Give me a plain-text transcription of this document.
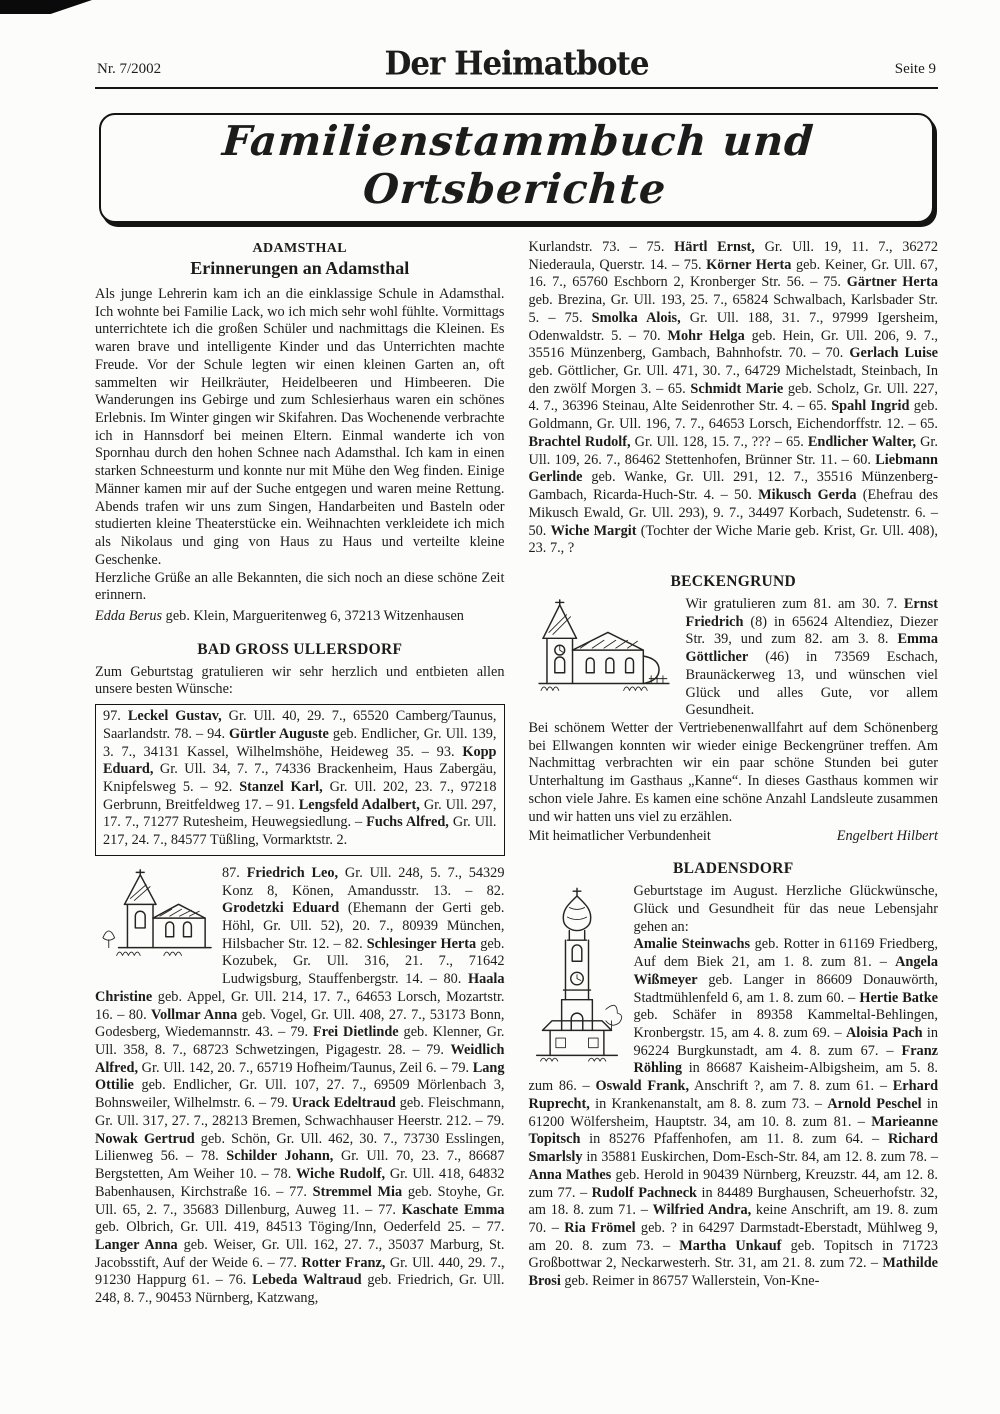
Nr. 7/2002	Der Heimatbote	Seite 9
Familienstammbuch und Ortsberichte
ADAMSTHAL
Erinnerungen an Adamsthal

Als junge Lehrerin kam ich an die einklassige Schule in Adamsthal. Ich wohnte bei Familie Lack, wo ich mich sehr wohl fühlte. Vormittags unterrichtete ich die großen Schüler und nachmittags die Kleinen. Es waren brave und intelligente Kinder und das Unterrichten machte Freude. Vor der Schule legten wir einen kleinen Garten an, oft sammelten wir Heilkräuter, Heidelbeeren und Himbeeren. Die Wanderungen ins Gebirge und zum Schlesierhaus waren ein schönes Erlebnis. Im Winter gingen wir Skifahren. Das Wochenende verbrachte ich in Hannsdorf bei meinen Eltern. Einmal wanderte ich von Spornhau durch den hohen Schnee nach Adamsthal. Ich kam in einen starken Schneesturm und konnte nur mit Mühe den Weg finden. Einige Männer kamen mir auf der Suche entgegen und waren meine Rettung. Abends trafen wir uns zum Singen, Handarbeiten und Basteln oder studierten kleine Theaterstücke ein. Weihnachten verkleidete ich mich als Nikolaus und ging von Haus zu Haus und verteilte kleine Geschenke.

Herzliche Grüße an alle Bekannten, die sich noch an diese schöne Zeit erinnern.

Edda Berus geb. Klein, Margueritenweg 6, 37213 Witzenhausen

BAD GROSS ULLERSDORF

Zum Geburtstag gratulieren wir sehr herzlich und entbieten allen unsere besten Wünsche:

97. Leckel Gustav, Gr. Ull. 40, 29. 7., 65520 Camberg/Taunus, Saarlandstr. 78. – 94. Gürtler Auguste geb. Endlicher, Gr. Ull. 139, 3. 7., 34131 Kassel, Wilhelmshöhe, Heideweg 35. – 93. Kopp Eduard, Gr. Ull. 34, 7. 7., 74336 Brackenheim, Haus Zabergäu, Knipfelsweg 5. – 92. Stanzel Karl, Gr. Ull. 202, 23. 7., 97218 Gerbrunn, Breitfeldweg 17. – 91. Lengsfeld Adalbert, Gr. Ull. 297, 17. 7., 71277 Rutesheim, Heuwegsiedlung. – Fuchs Alfred, Gr. Ull. 217, 24. 7., 84577 Tüßling, Vormarktstr. 2.

87. Friedrich Leo, Gr. Ull. 248, 5. 7., 54329 Konz 8, Könen, Amandusstr. 13. – 82. Grodetzki Eduard (Ehemann der Gerti geb. Höhl, Gr. Ull. 52), 20. 7., 80939 München, Hilsbacher Str. 12. – 82. Schlesinger Herta geb. Kozubek, Gr. Ull. 316, 21. 7., 71642 Ludwigsburg, Stauffenbergstr. 14. – 80. Haala Christine geb. Appel, Gr. Ull. 214, 17. 7., 64653 Lorsch, Mozartstr. 16. – 80. Vollmar Anna geb. Vogel, Gr. Ull. 408, 27. 7., 53173 Bonn, Godesberg, Wiedemannstr. 43. – 79. Frei Dietlinde geb. Klenner, Gr. Ull. 358, 8. 7., 68723 Schwetzingen, Pigagestr. 28. – 79. Weidlich Alfred, Gr. Ull. 142, 20. 7., 65719 Hofheim/Taunus, Zeil 6. – 79. Lang Ottilie geb. Endlicher, Gr. Ull. 107, 27. 7., 69509 Mörlenbach 3, Bohnsweiler, Wilhelmstr. 6. – 79. Urack Edeltraud geb. Fleischmann, Gr. Ull. 317, 27. 7., 28213 Bremen, Schwachhauser Heerstr. 212. – 79. Nowak Gertrud geb. Schön, Gr. Ull. 462, 30. 7., 73730 Esslingen, Lilienweg 56. – 78. Schilder Johann, Gr. Ull. 70, 23. 7., 86687 Bergstetten, Am Weiher 10. – 78. Wiche Rudolf, Gr. Ull. 418, 64832 Babenhausen, Kirchstraße 16. – 77. Stremmel Mia geb. Stoyhe, Gr. Ull. 65, 2. 7., 35683 Dillenburg, Auweg 11. – 77. Kaschate Emma geb. Olbrich, Gr. Ull. 419, 84513 Töging/Inn, Oederfeld 25. – 77. Langer Anna geb. Weiser, Gr. Ull. 162, 27. 7., 35037 Marburg, St. Jacobsstift, Auf der Weide 6. – 77. Rotter Franz, Gr. Ull. 440, 29. 7., 91230 Happurg 61. – 76. Lebeda Waltraud geb. Friedrich, Gr. Ull. 248, 8. 7., 90453 Nürnberg, Katzwang,

Kurlandstr. 73. – 75. Härtl Ernst, Gr. Ull. 19, 11. 7., 36272 Niederaula, Querstr. 14. – 75. Körner Herta geb. Keiner, Gr. Ull. 67, 16. 7., 65760 Eschborn 2, Kronberger Str. 56. – 75. Gärtner Herta geb. Brezina, Gr. Ull. 193, 25. 7., 65824 Schwalbach, Karlsbader Str. 5. – 75. Smolka Alois, Gr. Ull. 188, 31. 7., 97999 Igersheim, Odenwaldstr. 5. – 70. Mohr Helga geb. Hein, Gr. Ull. 206, 9. 7., 35516 Münzenberg, Gambach, Bahnhofstr. 70. – 70. Gerlach Luise geb. Göttlicher, Gr. Ull. 471, 30. 7., 64729 Michelstadt, Steinbach, In den zwölf Morgen 3. – 65. Schmidt Marie geb. Scholz, Gr. Ull. 227, 4. 7., 36396 Steinau, Alte Seidenrother Str. 4. – 65. Spahl Ingrid geb. Goldmann, Gr. Ull. 196, 7. 7., 64653 Lorsch, Eichendorffstr. 12. – 65. Brachtel Rudolf, Gr. Ull. 128, 15. 7., ??? – 65. Endlicher Walter, Gr. Ull. 109, 26. 7., 86462 Stettenhofen, Brünner Str. 11. – 60. Liebmann Gerlinde geb. Wanke, Gr. Ull. 291, 12. 7., 35516 Münzenberg-Gambach, Ricarda-Huch-Str. 4. – 50. Mikusch Gerda (Ehefrau des Mikusch Ewald, Gr. Ull. 293), 9. 7., 34497 Korbach, Sudetenstr. 6. – 50. Wiche Margit (Tochter der Wiche Marie geb. Krist, Gr. Ull. 408), 23. 7., ?

BECKENGRUND

Wir gratulieren zum 81. am 30. 7. Ernst Friedrich (8) in 65624 Altendiez, Diezer Str. 39, und zum 82. am 3. 8. Emma Göttlicher (46) in 73569 Eschach, Braunäckerweg 13, und wünschen viel Glück und alles Gute, vor allem Gesundheit.

Bei schönem Wetter der Vertriebenenwallfahrt auf dem Schönenberg bei Ellwangen konnten wir wieder einige Beckengrüner treffen. Am Nachmittag verbrachten wir ein paar schöne Stunden bei guter Unterhaltung im Gasthaus „Kanne“. In dieses Gasthaus kommen wir schon viele Jahre. Es kamen eine schöne Anzahl Landsleute zusammen und wir hatten uns viel zu erzählen.

Mit heimatlicher Verbundenheit	Engelbert Hilbert
BLADENSDORF

Geburtstage im August. Herzliche Glückwünsche, Glück und Gesundheit für das neue Lebensjahr gehen an:

Amalie Steinwachs geb. Rotter in 61169 Friedberg, Auf dem Biek 21, am 1. 8. zum 81. – Angela Wißmeyer geb. Langer in 86609 Donauwörth, Stadtmühlenfeld 6, am 1. 8. zum 60. – Hertie Batke geb. Schäfer in 89358 Kammeltal-Behlingen, Kronbergstr. 15, am 4. 8. zum 69. – Aloisia Pach in 96224 Burgkunstadt, am 4. 8. zum 67. – Franz Röhling in 86687 Kaisheim-Albigsheim, am 5. 8. zum 86. – Oswald Frank, Anschrift ?, am 7. 8. zum 61. – Erhard Ruprecht, in Krankenanstalt, am 8. 8. zum 73. – Arnold Peschel in 61200 Wölfersheim, Hauptstr. 34, am 10. 8. zum 81. – Marieanne Topitsch in 85276 Pfaffenhofen, am 11. 8. zum 64. – Richard Smarlsly in 35881 Euskirchen, Dom-Esch-Str. 84, am 12. 8. zum 78. – Anna Mathes geb. Herold in 90439 Nürnberg, Kreuzstr. 44, am 12. 8. zum 77. – Rudolf Pachneck in 84489 Burghausen, Scheuerhofstr. 32, am 18. 8. zum 71. – Wilfried Andra, keine Anschrift, am 19. 8. zum 70. – Ria Frömel geb. ? in 64297 Darmstadt-Eberstadt, Mühlweg 9, am 20. 8. zum 73. – Martha Unkauf geb. Topitsch in 71723 Großbottwar 2, Neckarwesterh. Str. 31, am 21. 8. zum 72. – Mathilde Brosi geb. Reimer in 86757 Wallerstein, Von-Kne-
